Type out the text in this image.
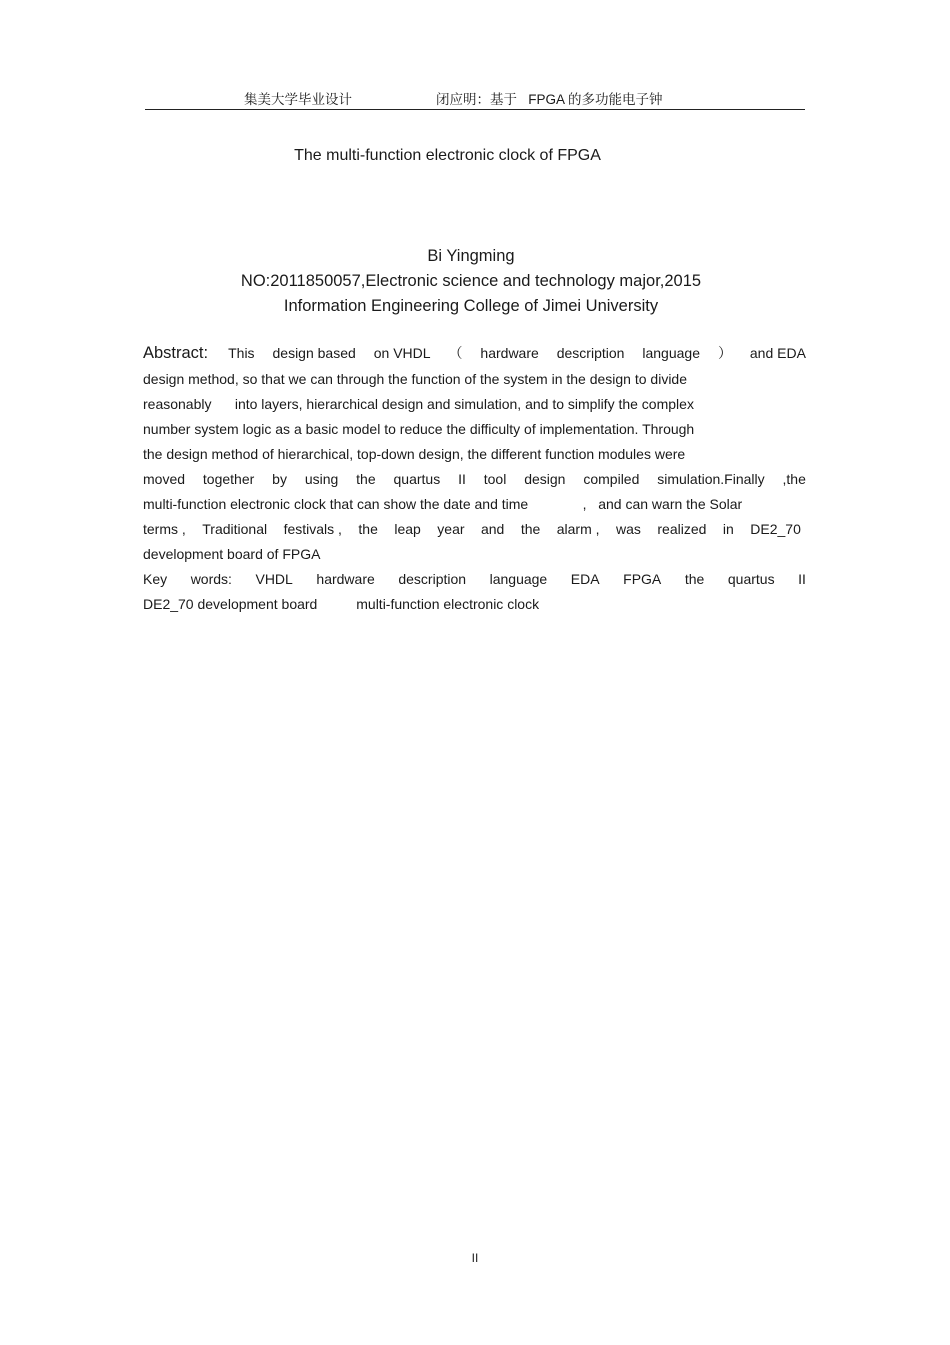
集美大学毕业设计	闭应明：基于   FPGA 的多功能电子钟
The multi-function electronic clock of FPGA
Bi Yingming
NO:2011850057,Electronic science and technology major,2015
Information Engineering College of Jimei University
Abstract: This design based on VHDL （ hardware description language ） and EDA
design method, so that we can through the function of the system in the design to divide
reasonably      into layers, hierarchical design and simulation, and to simplify the complex
number system logic as a basic model to reduce the difficulty of implementation. Through
the design method of hierarchical, top-down design, the different function modules were
moved together by using the quartus II tool design compiled simulation.Finally ,the
multi-function electronic clock that can show the date and time              ,   and can warn the Solar
terms , Traditional festivals , the leap year and the alarm , was realized in DE2_70
development board of FPGA
Key words: VHDL hardware description language EDA FPGA the quartus II
DE2_70 development board          multi-function electronic clock
II
